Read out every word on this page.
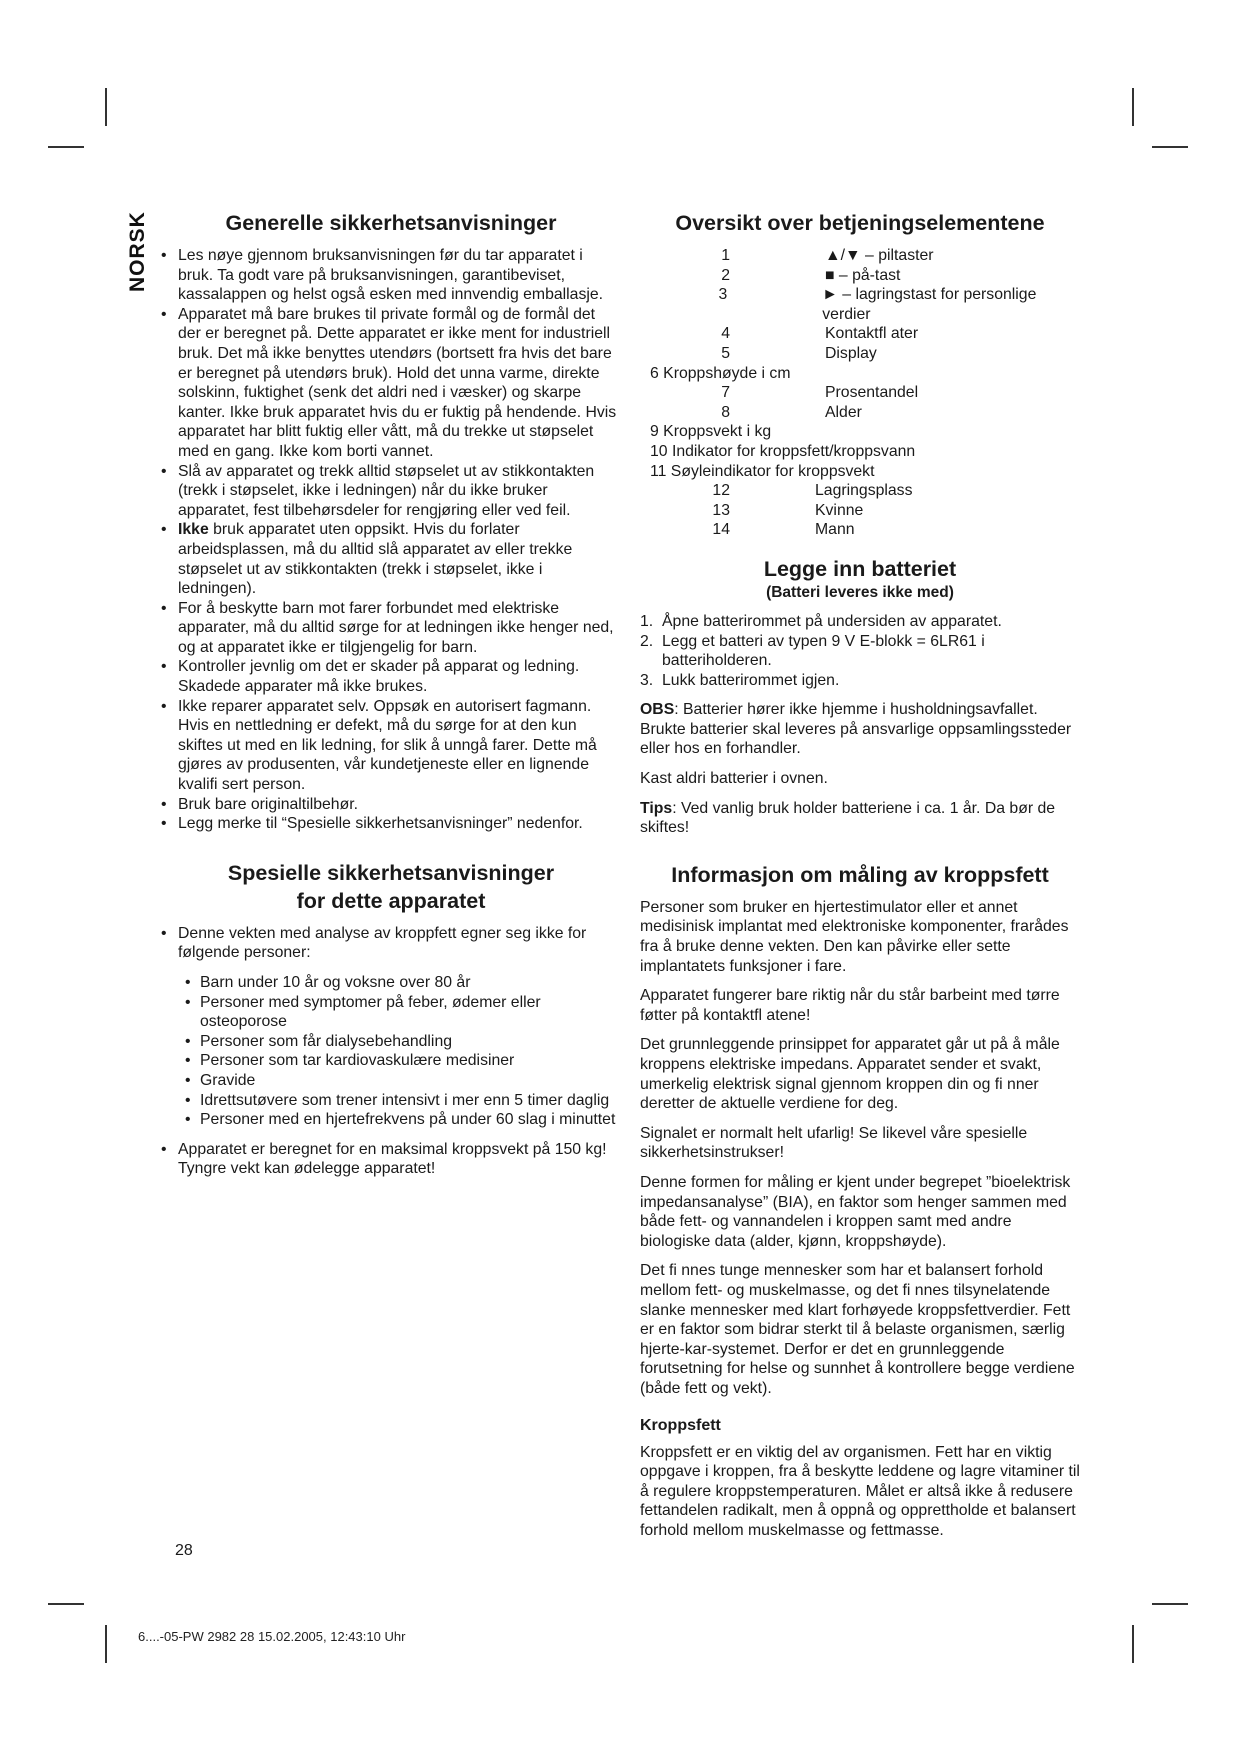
NORSK	Generelle sikkerhetsanvisninger
• Les nøye gjennom bruksanvisningen før du tar apparatet i bruk. Ta godt vare på bruksanvisningen, garantibeviset, kassalappen og helst også esken med innvendig emballasje.
• Apparatet må bare brukes til private formål og de formål det der er beregnet på. Dette apparatet er ikke ment for industriell bruk. Det må ikke benyttes utendørs (bortsett fra hvis det bare er beregnet på utendørs bruk). Hold det unna varme, direkte solskinn, fuktighet (senk det aldri ned i væsker) og skarpe kanter. Ikke bruk apparatet hvis du er fuktig på hendende. Hvis apparatet har blitt fuktig eller vått, må du trekke ut støpselet med en gang. Ikke kom borti vannet.
• Slå av apparatet og trekk alltid støpselet ut av stikkontakten (trekk i støpselet, ikke i ledningen) når du ikke bruker apparatet, fest tilbehørsdeler for rengjøring eller ved feil.
• Ikke bruk apparatet uten oppsikt. Hvis du forlater arbeidsplassen, må du alltid slå apparatet av eller trekke støpselet ut av stikkontakten (trekk i støpselet, ikke i ledningen).
• For å beskytte barn mot farer forbundet med elektriske apparater, må du alltid sørge for at ledningen ikke henger ned, og at apparatet ikke er tilgjengelig for barn.
• Kontroller jevnlig om det er skader på apparat og ledning. Skadede apparater må ikke brukes.
• Ikke reparer apparatet selv. Oppsøk en autorisert fagmann. Hvis en nettledning er defekt, må du sørge for at den kun skiftes ut med en lik ledning, for slik å unngå farer. Dette må gjøres av produsenten, vår kundetjeneste eller en lignende kvalifi sert person.
• Bruk bare originaltilbehør.
• Legg merke til “Spesielle sikkerhetsanvisninger” nedenfor.
Spesielle sikkerhetsanvisninger
for dette apparatet
• Denne vekten med analyse av kroppfett egner seg ikke for følgende personer:
• Barn under 10 år og voksne over 80 år
• Personer med symptomer på feber, ødemer eller osteoporose
• Personer som får dialysebehandling
• Personer som tar kardiovaskulære medisiner
• Gravide
• Idrettsutøvere som trener intensivt i mer enn 5 timer daglig
• Personer med en hjertefrekvens på under 60 slag i minuttet
• Apparatet er beregnet for en maksimal kroppsvekt på 150 kg! Tyngre vekt kan ødelegge apparatet!
Oversikt over betjeningselementene
1	▲/▼ – piltaster
2	■ – på-tast
3	► – lagringstast for personlige verdier
4	Kontaktfl ater
5	Display
6 Kroppshøyde i cm
7	Prosentandel
8	Alder
9 Kroppsvekt i kg
10 Indikator for kroppsfett/kroppsvann
11 Søyleindikator for kroppsvekt
12	Lagringsplass
13	Kvinne
14	Mann
Legge inn batteriet
(Batteri leveres ikke med)
1. Åpne batterirommet på undersiden av apparatet.
2. Legg et batteri av typen 9 V E-blokk = 6LR61 i batteriholderen.
3. Lukk batterirommet igjen.

OBS: Batterier hører ikke hjemme i husholdningsavfallet. Brukte batterier skal leveres på ansvarlige oppsamlingssteder eller hos en forhandler.

Kast aldri batterier i ovnen.

Tips: Ved vanlig bruk holder batteriene i ca. 1 år. Da bør de skiftes!

Informasjon om måling av kroppsfett

Personer som bruker en hjertestimulator eller et annet medisinisk implantat med elektroniske komponenter, frarådes fra å bruke denne vekten. Den kan påvirke eller sette implantatets funksjoner i fare.

Apparatet fungerer bare riktig når du står barbeint med tørre føtter på kontaktfl atene!

Det grunnleggende prinsippet for apparatet går ut på å måle kroppens elektriske impedans. Apparatet sender et svakt, umerkelig elektrisk signal gjennom kroppen din og fi nner deretter de aktuelle verdiene for deg.

Signalet er normalt helt ufarlig! Se likevel våre spesielle sikkerhetsinstrukser!

Denne formen for måling er kjent under begrepet ”bioelektrisk impedansanalyse” (BIA), en faktor som henger sammen med både fett- og vannandelen i kroppen samt med andre biologiske data (alder, kjønn, kroppshøyde).

Det fi nnes tunge mennesker som har et balansert forhold mellom fett- og muskelmasse, og det fi nnes tilsynelatende slanke mennesker med klart forhøyede kroppsfettverdier. Fett er en faktor som bidrar sterkt til å belaste organismen, særlig hjerte-kar-systemet. Derfor er det en grunnleggende forutsetning for helse og sunnhet å kontrollere begge verdiene (både fett og vekt).

Kroppsfett

Kroppsfett er en viktig del av organismen. Fett har en viktig oppgave i kroppen, fra å beskytte leddene og lagre vitaminer til å regulere kroppstemperaturen. Målet er altså ikke å redusere fettandelen radikalt, men å oppnå og opprettholde et balansert forhold mellom muskelmasse og fettmasse.

28
6....-05-PW 2982 28 15.02.2005, 12:43:10 Uhr
